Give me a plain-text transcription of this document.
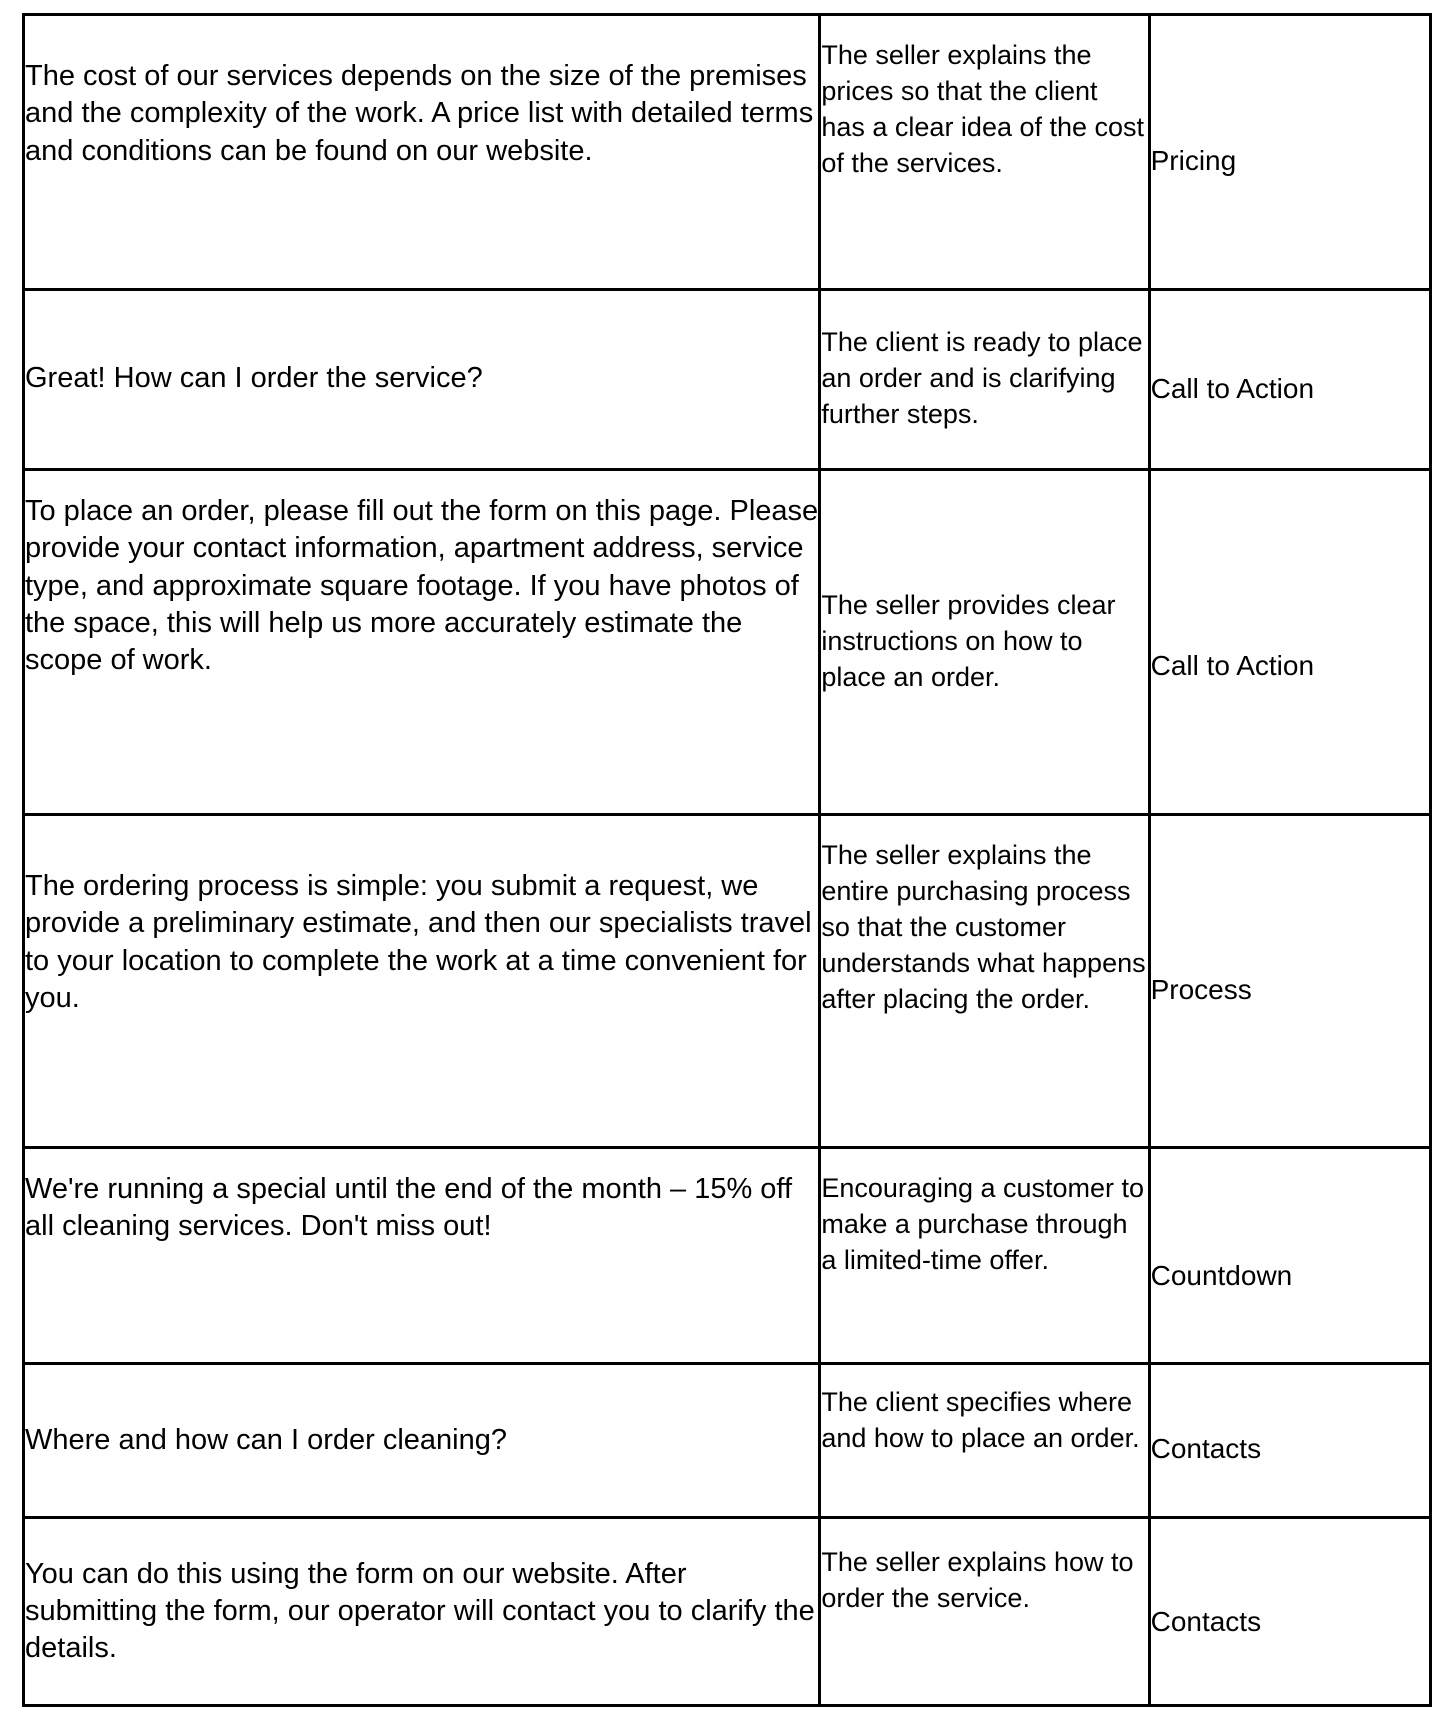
The cost of our services depends on the size of the premises and the complexity of the work. A price list with detailed terms and conditions can be found on our website.	The seller explains the prices so that the client has a clear idea of the cost of the services.	Pricing

Great! How can I order the service?	The client is ready to place an order and is clarifying further steps.	Call to Action

To place an order, please fill out the form on this page. Please provide your contact information, apartment address, service type, and approximate square footage. If you have photos of the space, this will help us more accurately estimate the scope of work.	The seller provides clear instructions on how to place an order.	Call to Action

The ordering process is simple: you submit a request, we provide a preliminary estimate, and then our specialists travel to your location to complete the work at a time convenient for you.	The seller explains the entire purchasing process so that the customer understands what happens after placing the order.	Process

We're running a special until the end of the month – 15% off all cleaning services. Don't miss out!	Encouraging a customer to make a purchase through a limited-time offer.	Countdown

Where and how can I order cleaning?	The client specifies where and how to place an order.	Contacts

You can do this using the form on our website. After submitting the form, our operator will contact you to clarify the details.	The seller explains how to order the service.	Contacts
